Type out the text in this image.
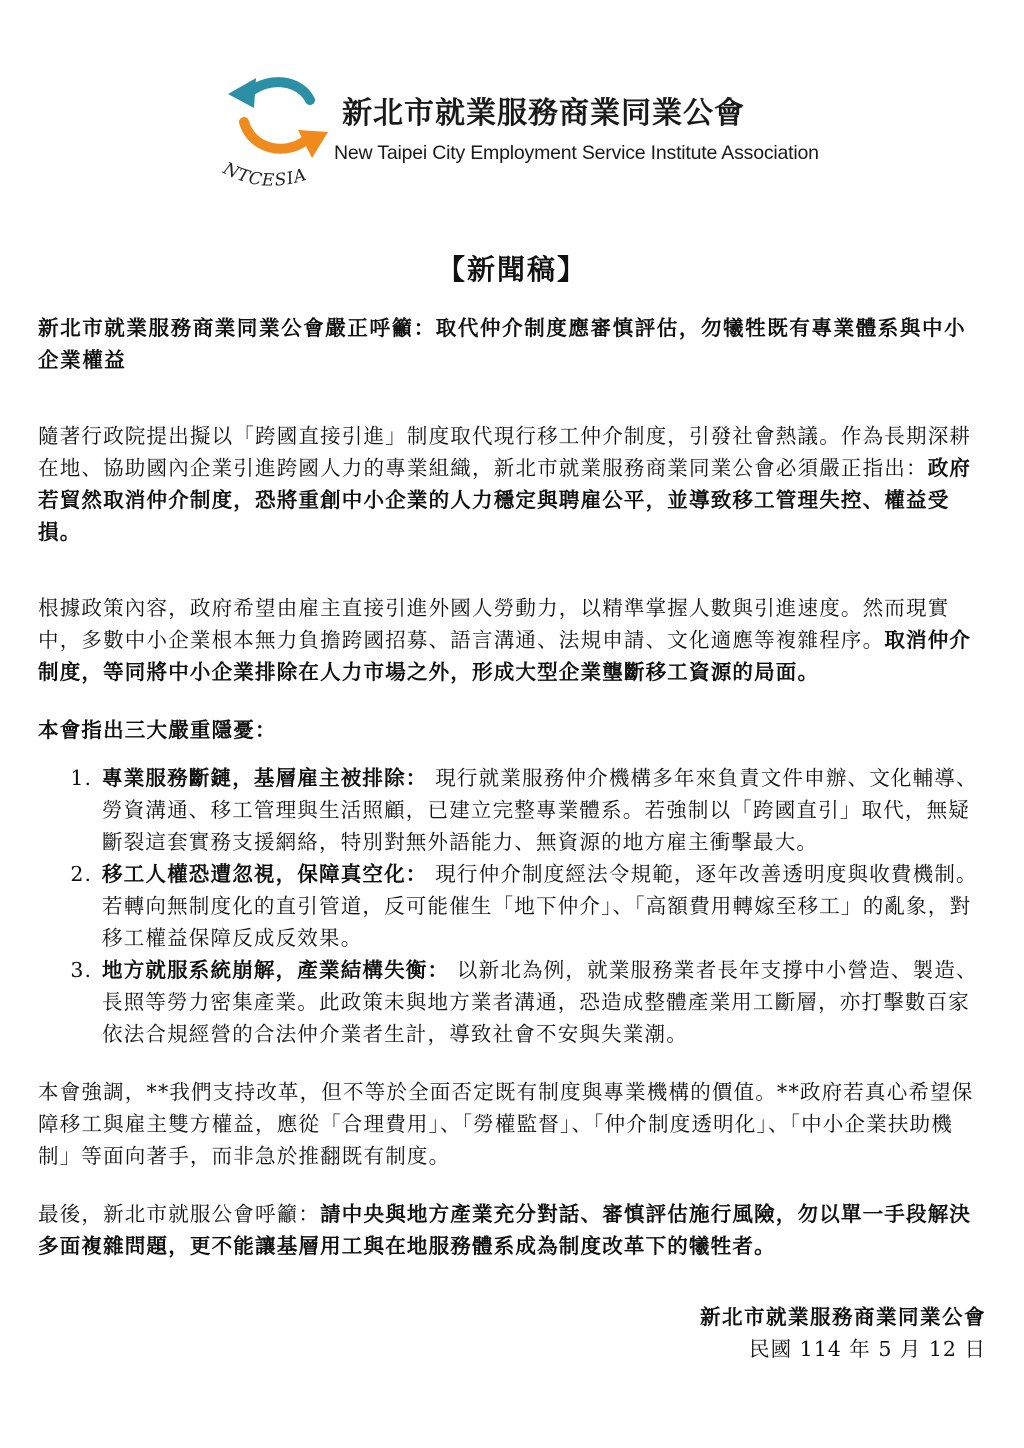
NTCESIA
新北市就業服務商業同業公會
New Taipei City Employment Service Institute Association
【新聞稿】

新北市就業服務商業同業公會嚴正呼籲：取代仲介制度應審慎評估，勿犧牲既有專業體系與中小企業權益

隨著行政院提出擬以「跨國直接引進」制度取代現行移工仲介制度，引發社會熱議。作為長期深耕在地、協助國內企業引進跨國人力的專業組織，新北市就業服務商業同業公會必須嚴正指出：政府若貿然取消仲介制度，恐將重創中小企業的人力穩定與聘雇公平，並導致移工管理失控、權益受損。

根據政策內容，政府希望由雇主直接引進外國人勞動力，以精準掌握人數與引進速度。然而現實中，多數中小企業根本無力負擔跨國招募、語言溝通、法規申請、文化適應等複雜程序。取消仲介制度，等同將中小企業排除在人力市場之外，形成大型企業壟斷移工資源的局面。

本會指出三大嚴重隱憂：

1. 專業服務斷鏈，基層雇主被排除： 現行就業服務仲介機構多年來負責文件申辦、文化輔導、勞資溝通、移工管理與生活照顧，已建立完整專業體系。若強制以「跨國直引」取代，無疑斷裂這套實務支援網絡，特別對無外語能力、無資源的地方雇主衝擊最大。
2. 移工人權恐遭忽視，保障真空化： 現行仲介制度經法令規範，逐年改善透明度與收費機制。若轉向無制度化的直引管道，反可能催生「地下仲介」、「高額費用轉嫁至移工」的亂象，對移工權益保障反成反效果。
3. 地方就服系統崩解，產業結構失衡： 以新北為例，就業服務業者長年支撐中小營造、製造、長照等勞力密集產業。此政策未與地方業者溝通，恐造成整體產業用工斷層，亦打擊數百家依法合規經營的合法仲介業者生計，導致社會不安與失業潮。

本會強調，**我們支持改革，但不等於全面否定既有制度與專業機構的價值。**政府若真心希望保障移工與雇主雙方權益，應從「合理費用」、「勞權監督」、「仲介制度透明化」、「中小企業扶助機制」等面向著手，而非急於推翻既有制度。

最後，新北市就服公會呼籲：請中央與地方產業充分對話、審慎評估施行風險，勿以單一手段解決多面複雜問題，更不能讓基層用工與在地服務體系成為制度改革下的犧牲者。

新北市就業服務商業同業公會
民國 114 年 5 月 12 日
